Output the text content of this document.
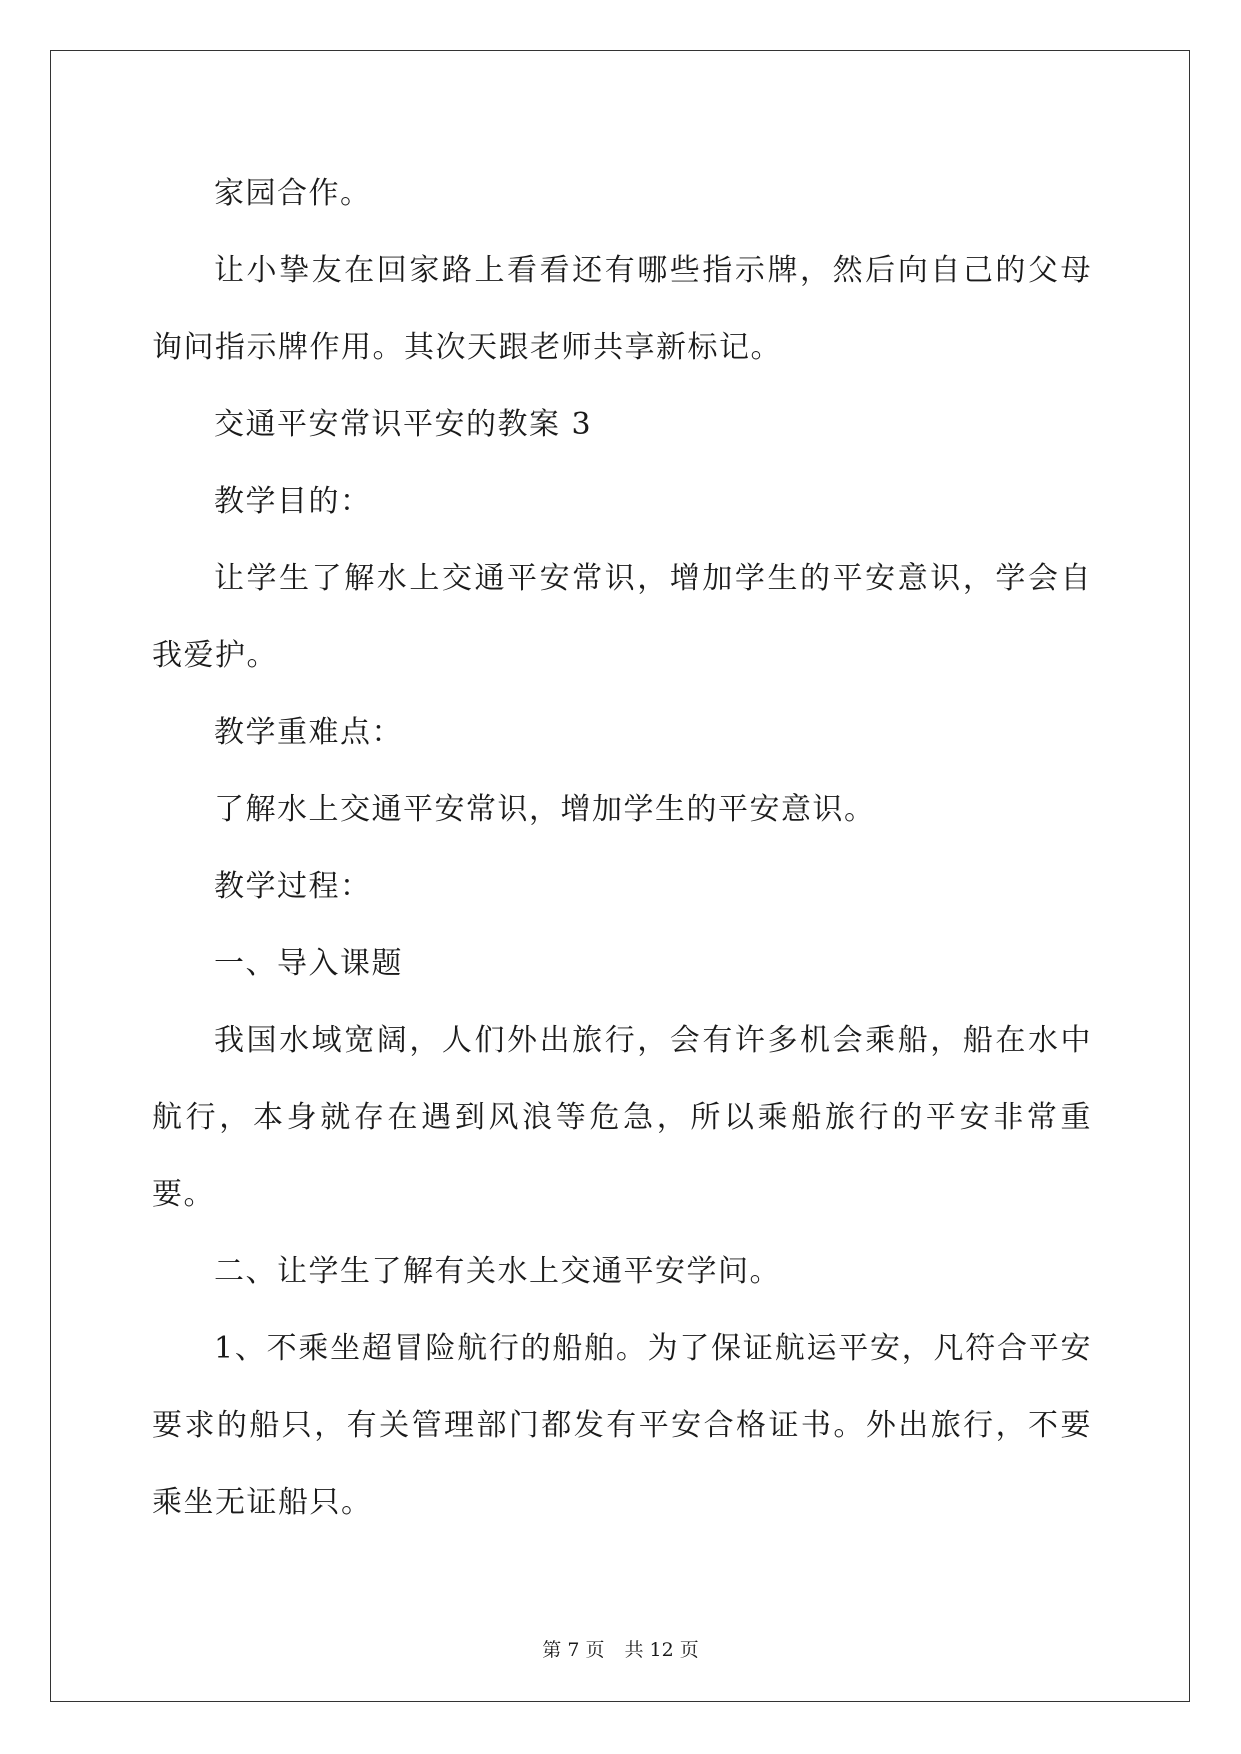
家园合作。

让小挚友在回家路上看看还有哪些指示牌，然后向自己的父母询问指示牌作用。其次天跟老师共享新标记。

交通平安常识平安的教案 3

教学目的：

让学生了解水上交通平安常识，增加学生的平安意识，学会自我爱护。

教学重难点：

了解水上交通平安常识，增加学生的平安意识。

教学过程：

一、导入课题

我国水域宽阔，人们外出旅行，会有许多机会乘船，船在水中航行，本身就存在遇到风浪等危急，所以乘船旅行的平安非常重要。

二、让学生了解有关水上交通平安学问。

1、不乘坐超冒险航行的船舶。为了保证航运平安，凡符合平安要求的船只，有关管理部门都发有平安合格证书。外出旅行，不要乘坐无证船只。

第 7 页 共 12 页
